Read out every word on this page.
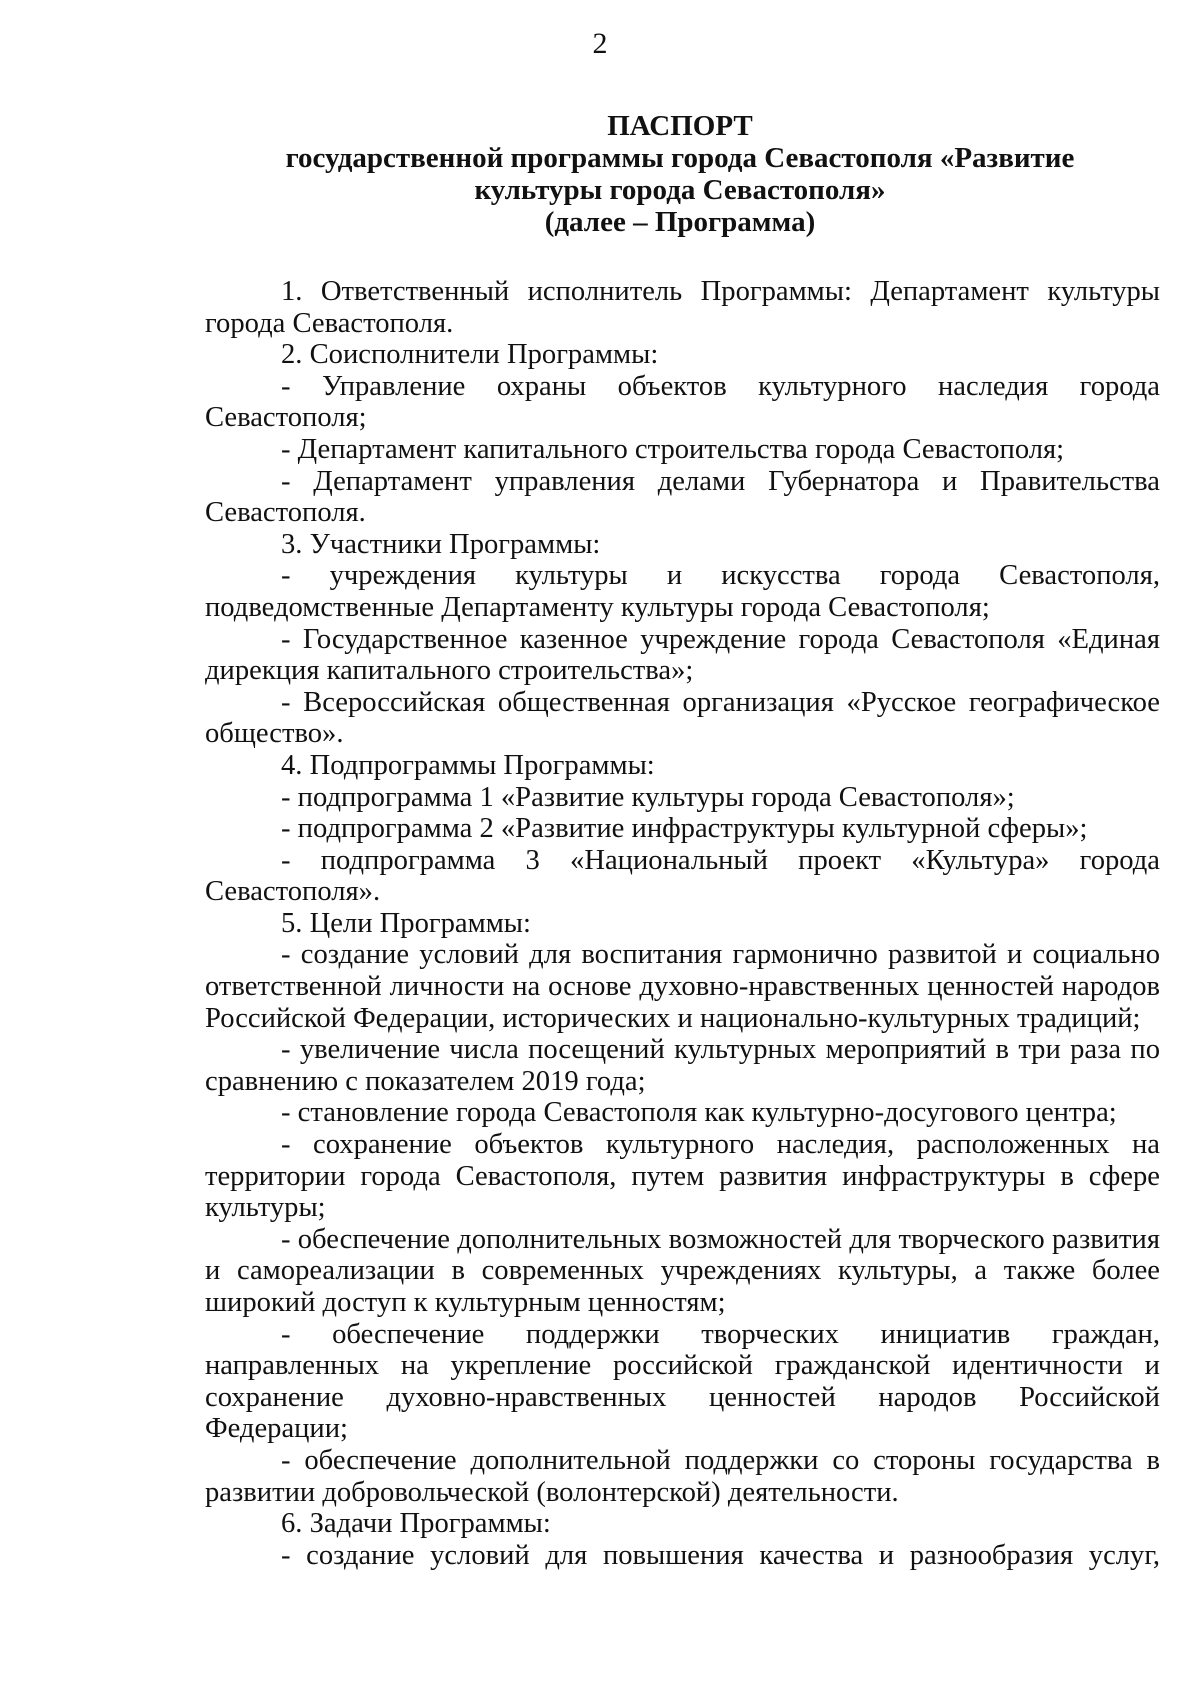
2
ПАСПОРТ
государственной программы города Севастополя «Развитие
культуры города Севастополя»
(далее – Программа)

1. Ответственный исполнитель Программы: Департамент культуры города Севастополя.

2. Соисполнители Программы:

- Управление охраны объектов культурного наследия города Севастополя;

- Департамент капитального строительства города Севастополя;

- Департамент управления делами Губернатора и Правительства Севастополя.

3. Участники Программы:

- учреждения культуры и искусства города Севастополя, подведомственные Департаменту культуры города Севастополя;

- Государственное казенное учреждение города Севастополя «Единая дирекция капитального строительства»;

- Всероссийская общественная организация «Русское географическое общество».

4. Подпрограммы Программы:

- подпрограмма 1 «Развитие культуры города Севастополя»;

- подпрограмма 2 «Развитие инфраструктуры культурной сферы»;

- подпрограмма 3 «Национальный проект «Культура» города Севастополя».

5. Цели Программы:

- создание условий для воспитания гармонично развитой и социально ответственной личности на основе духовно-нравственных ценностей народов Российской Федерации, исторических и национально-культурных традиций;

- увеличение числа посещений культурных мероприятий в три раза по сравнению с показателем 2019 года;

- становление города Севастополя как культурно-досугового центра;

- сохранение объектов культурного наследия, расположенных на территории города Севастополя, путем развития инфраструктуры в сфере культуры;

- обеспечение дополнительных возможностей для творческого развития и самореализации в современных учреждениях культуры, а также более широкий доступ к культурным ценностям;

- обеспечение поддержки творческих инициатив граждан, направленных на укрепление российской гражданской идентичности и сохранение духовно-нравственных ценностей народов Российской Федерации;

- обеспечение дополнительной поддержки со стороны государства в развитии добровольческой (волонтерской) деятельности.

6. Задачи Программы:

- создание условий для повышения качества и разнообразия услуг,
